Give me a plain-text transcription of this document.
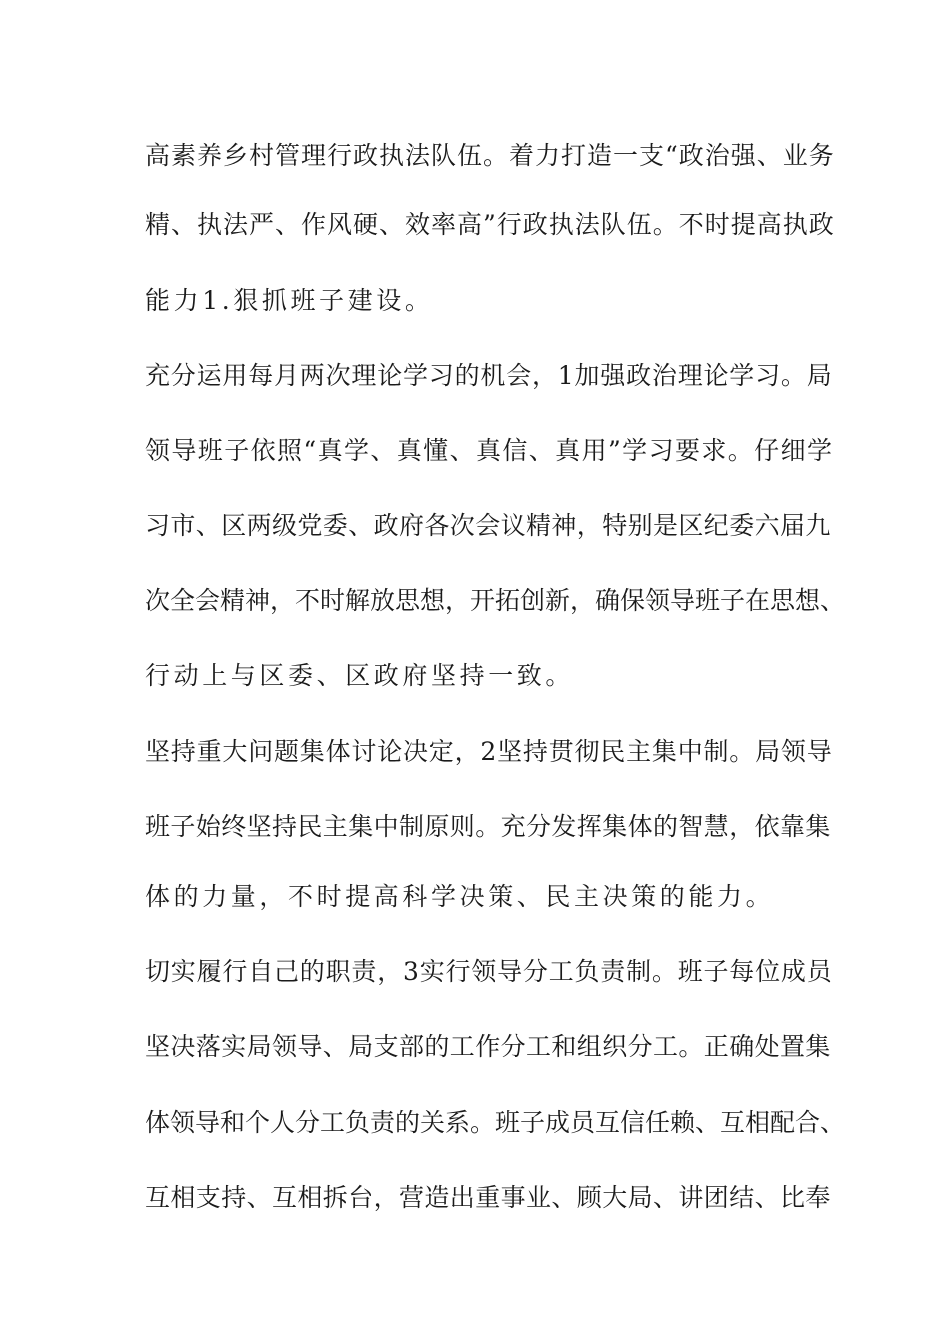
高素养乡村管理行政执法队伍。着力打造一支“政治强、业务
精、执法严、作风硬、效率高”行政执法队伍。不时提高执政
能力1.狠抓班子建设。
充分运用每月两次理论学习的机会，1加强政治理论学习。局
领导班子依照“真学、真懂、真信、真用”学习要求。仔细学
习市、区两级党委、政府各次会议精神，特别是区纪委六届九
次全会精神，不时解放思想，开拓创新，确保领导班子在思想、
行动上与区委、区政府坚持一致。
坚持重大问题集体讨论决定，2坚持贯彻民主集中制。局领导
班子始终坚持民主集中制原则。充分发挥集体的智慧，依靠集
体的力量，不时提高科学决策、民主决策的能力。
切实履行自己的职责，3实行领导分工负责制。班子每位成员
坚决落实局领导、局支部的工作分工和组织分工。正确处置集
体领导和个人分工负责的关系。班子成员互信任赖、互相配合、
互相支持、互相拆台，营造出重事业、顾大局、讲团结、比奉
